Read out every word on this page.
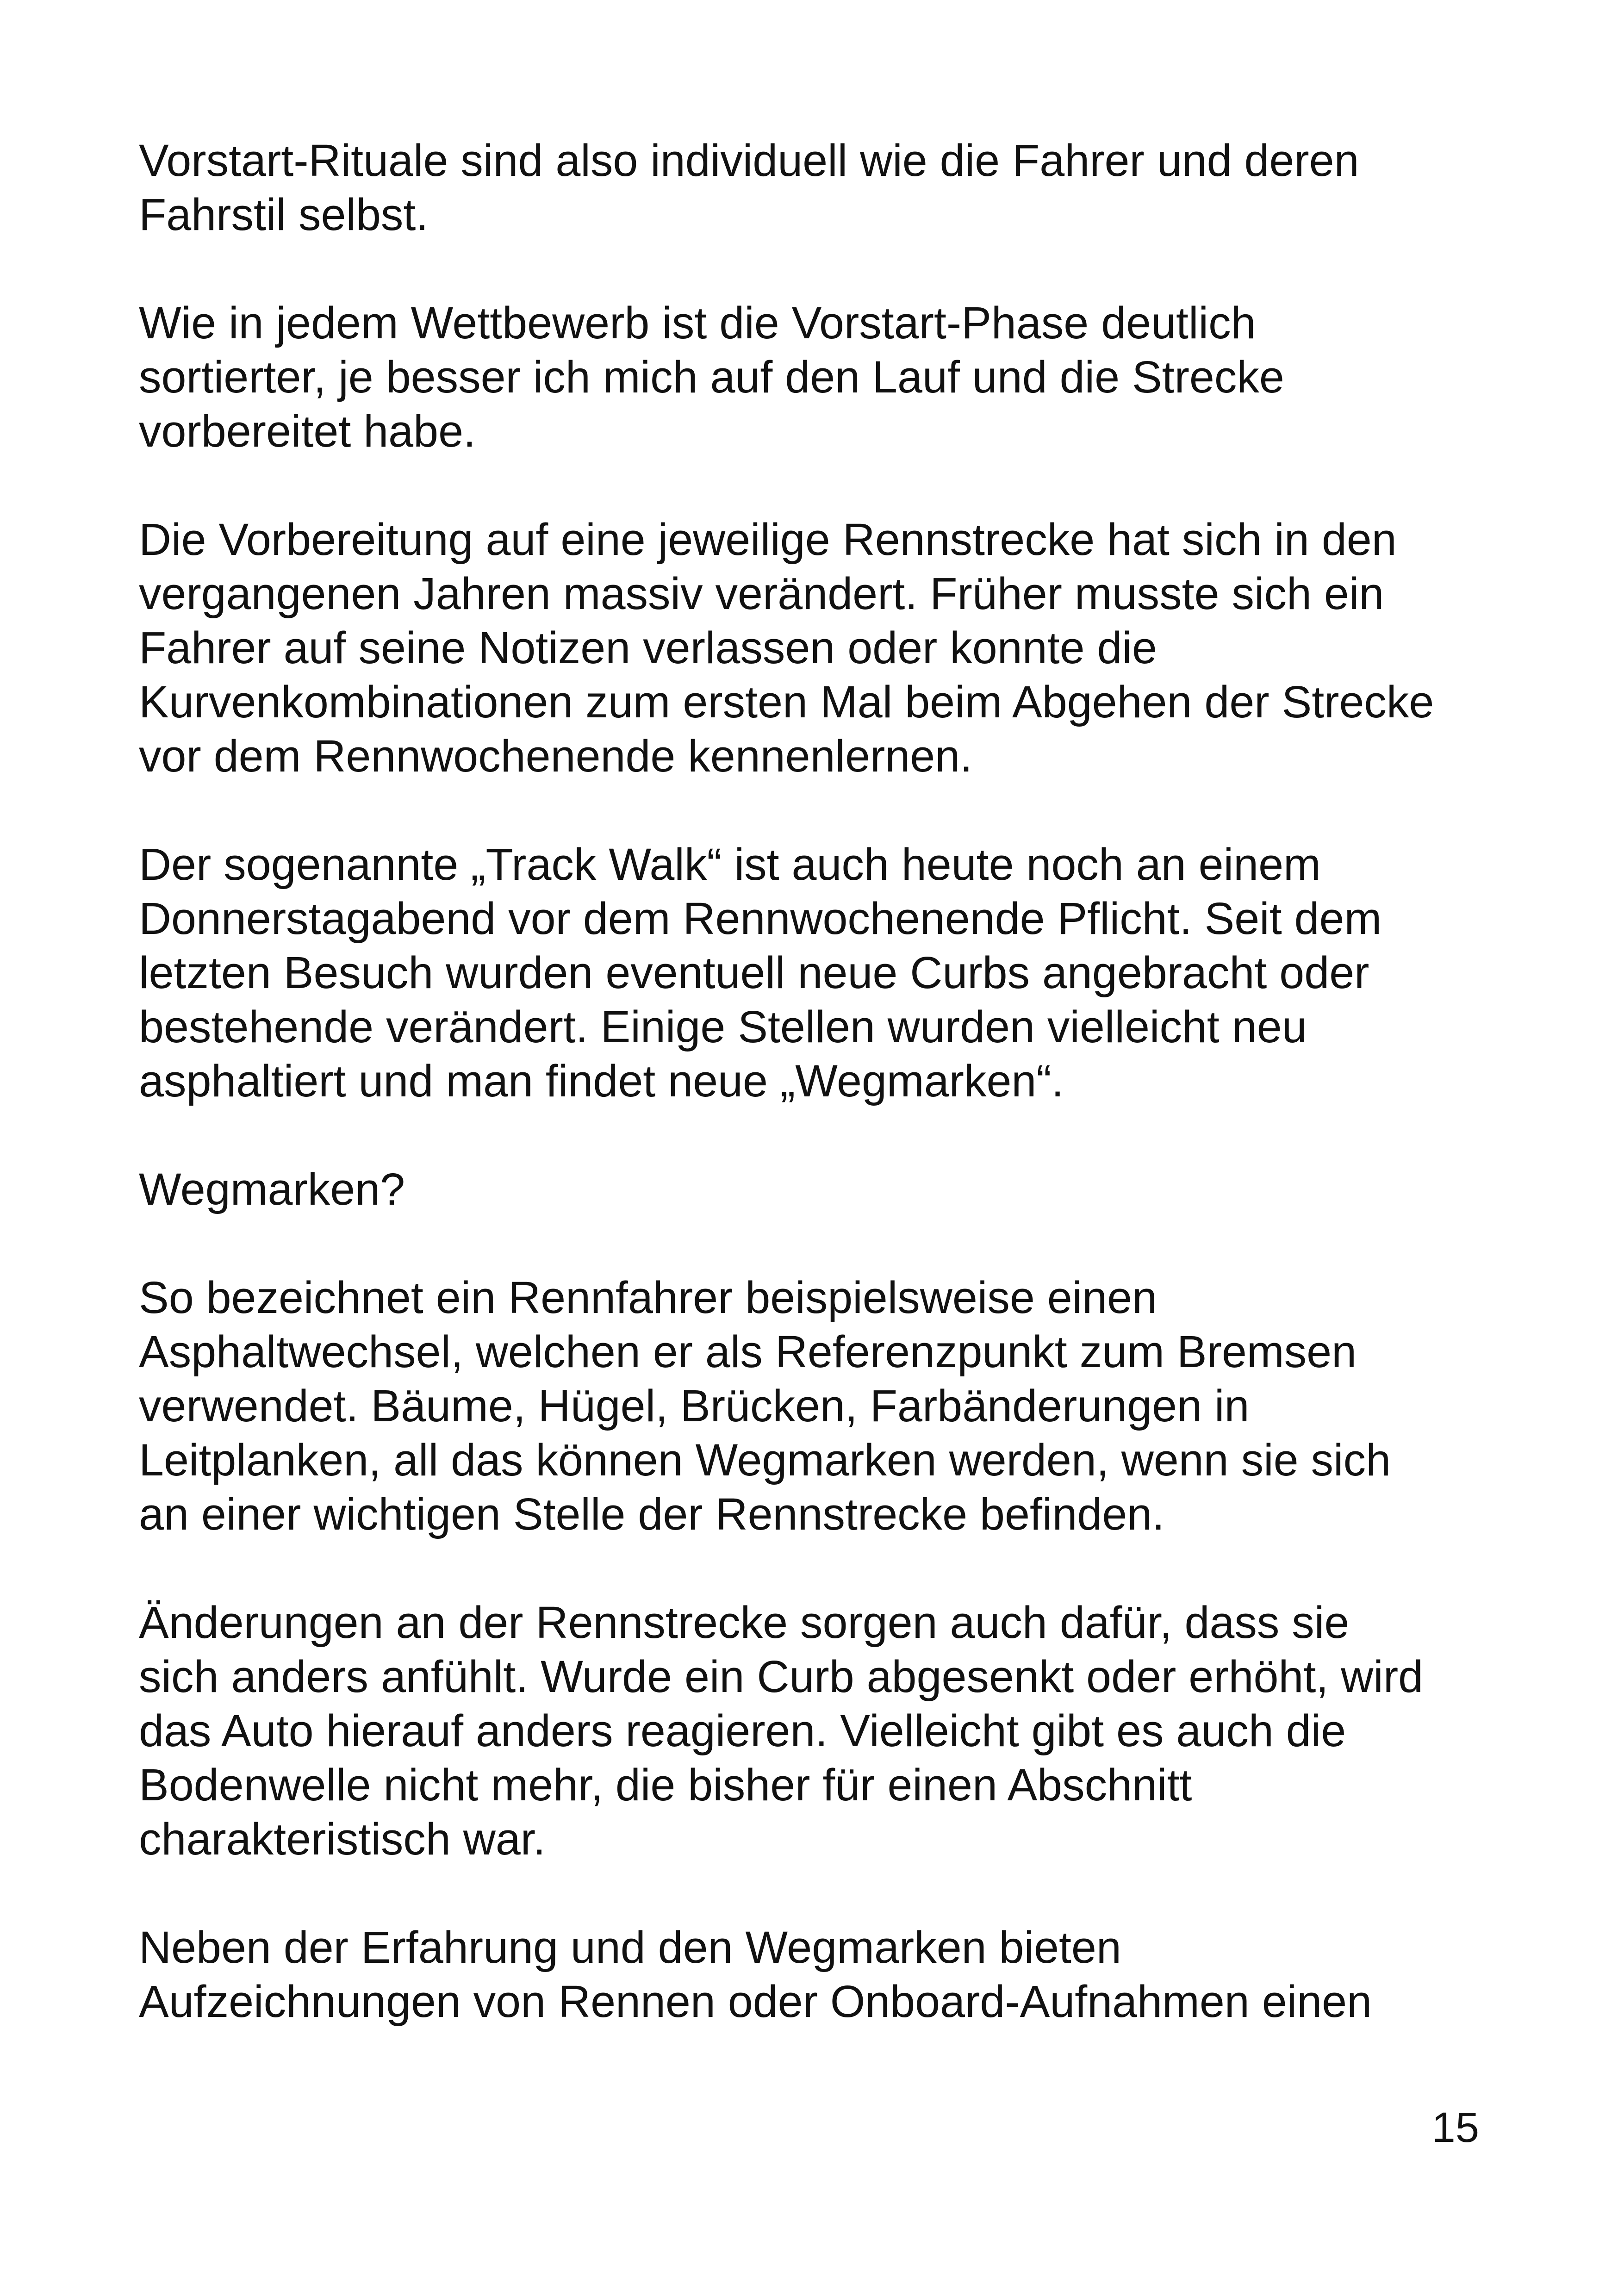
Vorstart-Rituale sind also individuell wie die Fahrer und deren
Fahrstil selbst.

Wie in jedem Wettbewerb ist die Vorstart-Phase deutlich
sortierter, je besser ich mich auf den Lauf und die Strecke
vorbereitet habe.

Die Vorbereitung auf eine jeweilige Rennstrecke hat sich in den
vergangenen Jahren massiv verändert. Früher musste sich ein
Fahrer auf seine Notizen verlassen oder konnte die
Kurvenkombinationen zum ersten Mal beim Abgehen der Strecke
vor dem Rennwochenende kennenlernen.

Der sogenannte „Track Walk“ ist auch heute noch an einem
Donnerstagabend vor dem Rennwochenende Pflicht. Seit dem
letzten Besuch wurden eventuell neue Curbs angebracht oder
bestehende verändert. Einige Stellen wurden vielleicht neu
asphaltiert und man findet neue „Wegmarken“.

Wegmarken?

So bezeichnet ein Rennfahrer beispielsweise einen
Asphaltwechsel, welchen er als Referenzpunkt zum Bremsen
verwendet. Bäume, Hügel, Brücken, Farbänderungen in
Leitplanken, all das können Wegmarken werden, wenn sie sich
an einer wichtigen Stelle der Rennstrecke befinden.

Änderungen an der Rennstrecke sorgen auch dafür, dass sie
sich anders anfühlt. Wurde ein Curb abgesenkt oder erhöht, wird
das Auto hierauf anders reagieren. Vielleicht gibt es auch die
Bodenwelle nicht mehr, die bisher für einen Abschnitt
charakteristisch war.

Neben der Erfahrung und den Wegmarken bieten
Aufzeichnungen von Rennen oder Onboard-Aufnahmen einen

15
